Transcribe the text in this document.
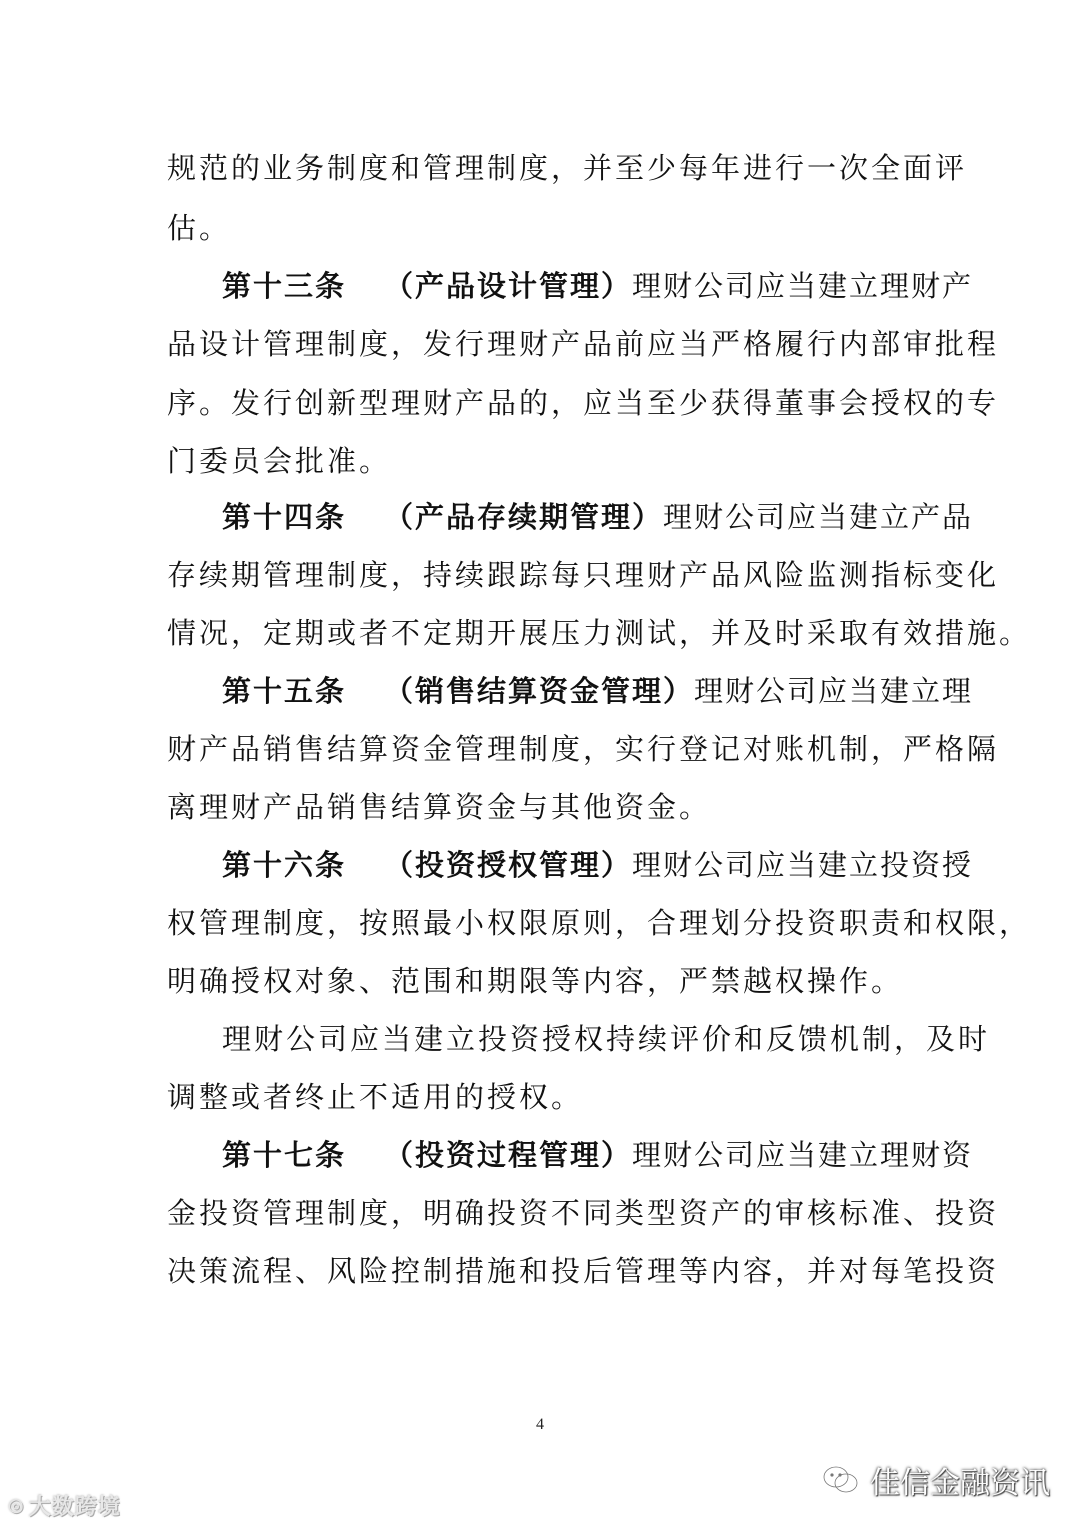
规范的业务制度和管理制度，并至少每年进行一次全面评
估。
第十三条 （产品设计管理）理财公司应当建立理财产
品设计管理制度，发行理财产品前应当严格履行内部审批程
序。发行创新型理财产品的，应当至少获得董事会授权的专
门委员会批准。
第十四条 （产品存续期管理）理财公司应当建立产品
存续期管理制度，持续跟踪每只理财产品风险监测指标变化
情况，定期或者不定期开展压力测试，并及时采取有效措施。
第十五条 （销售结算资金管理）理财公司应当建立理
财产品销售结算资金管理制度，实行登记对账机制，严格隔
离理财产品销售结算资金与其他资金。
第十六条 （投资授权管理）理财公司应当建立投资授
权管理制度，按照最小权限原则，合理划分投资职责和权限，
明确授权对象、范围和期限等内容，严禁越权操作。
理财公司应当建立投资授权持续评价和反馈机制，及时
调整或者终止不适用的授权。
第十七条 （投资过程管理）理财公司应当建立理财资
金投资管理制度，明确投资不同类型资产的审核标准、投资
决策流程、风险控制措施和投后管理等内容，并对每笔投资
4
◎ 大数跨境
佳信金融资讯
